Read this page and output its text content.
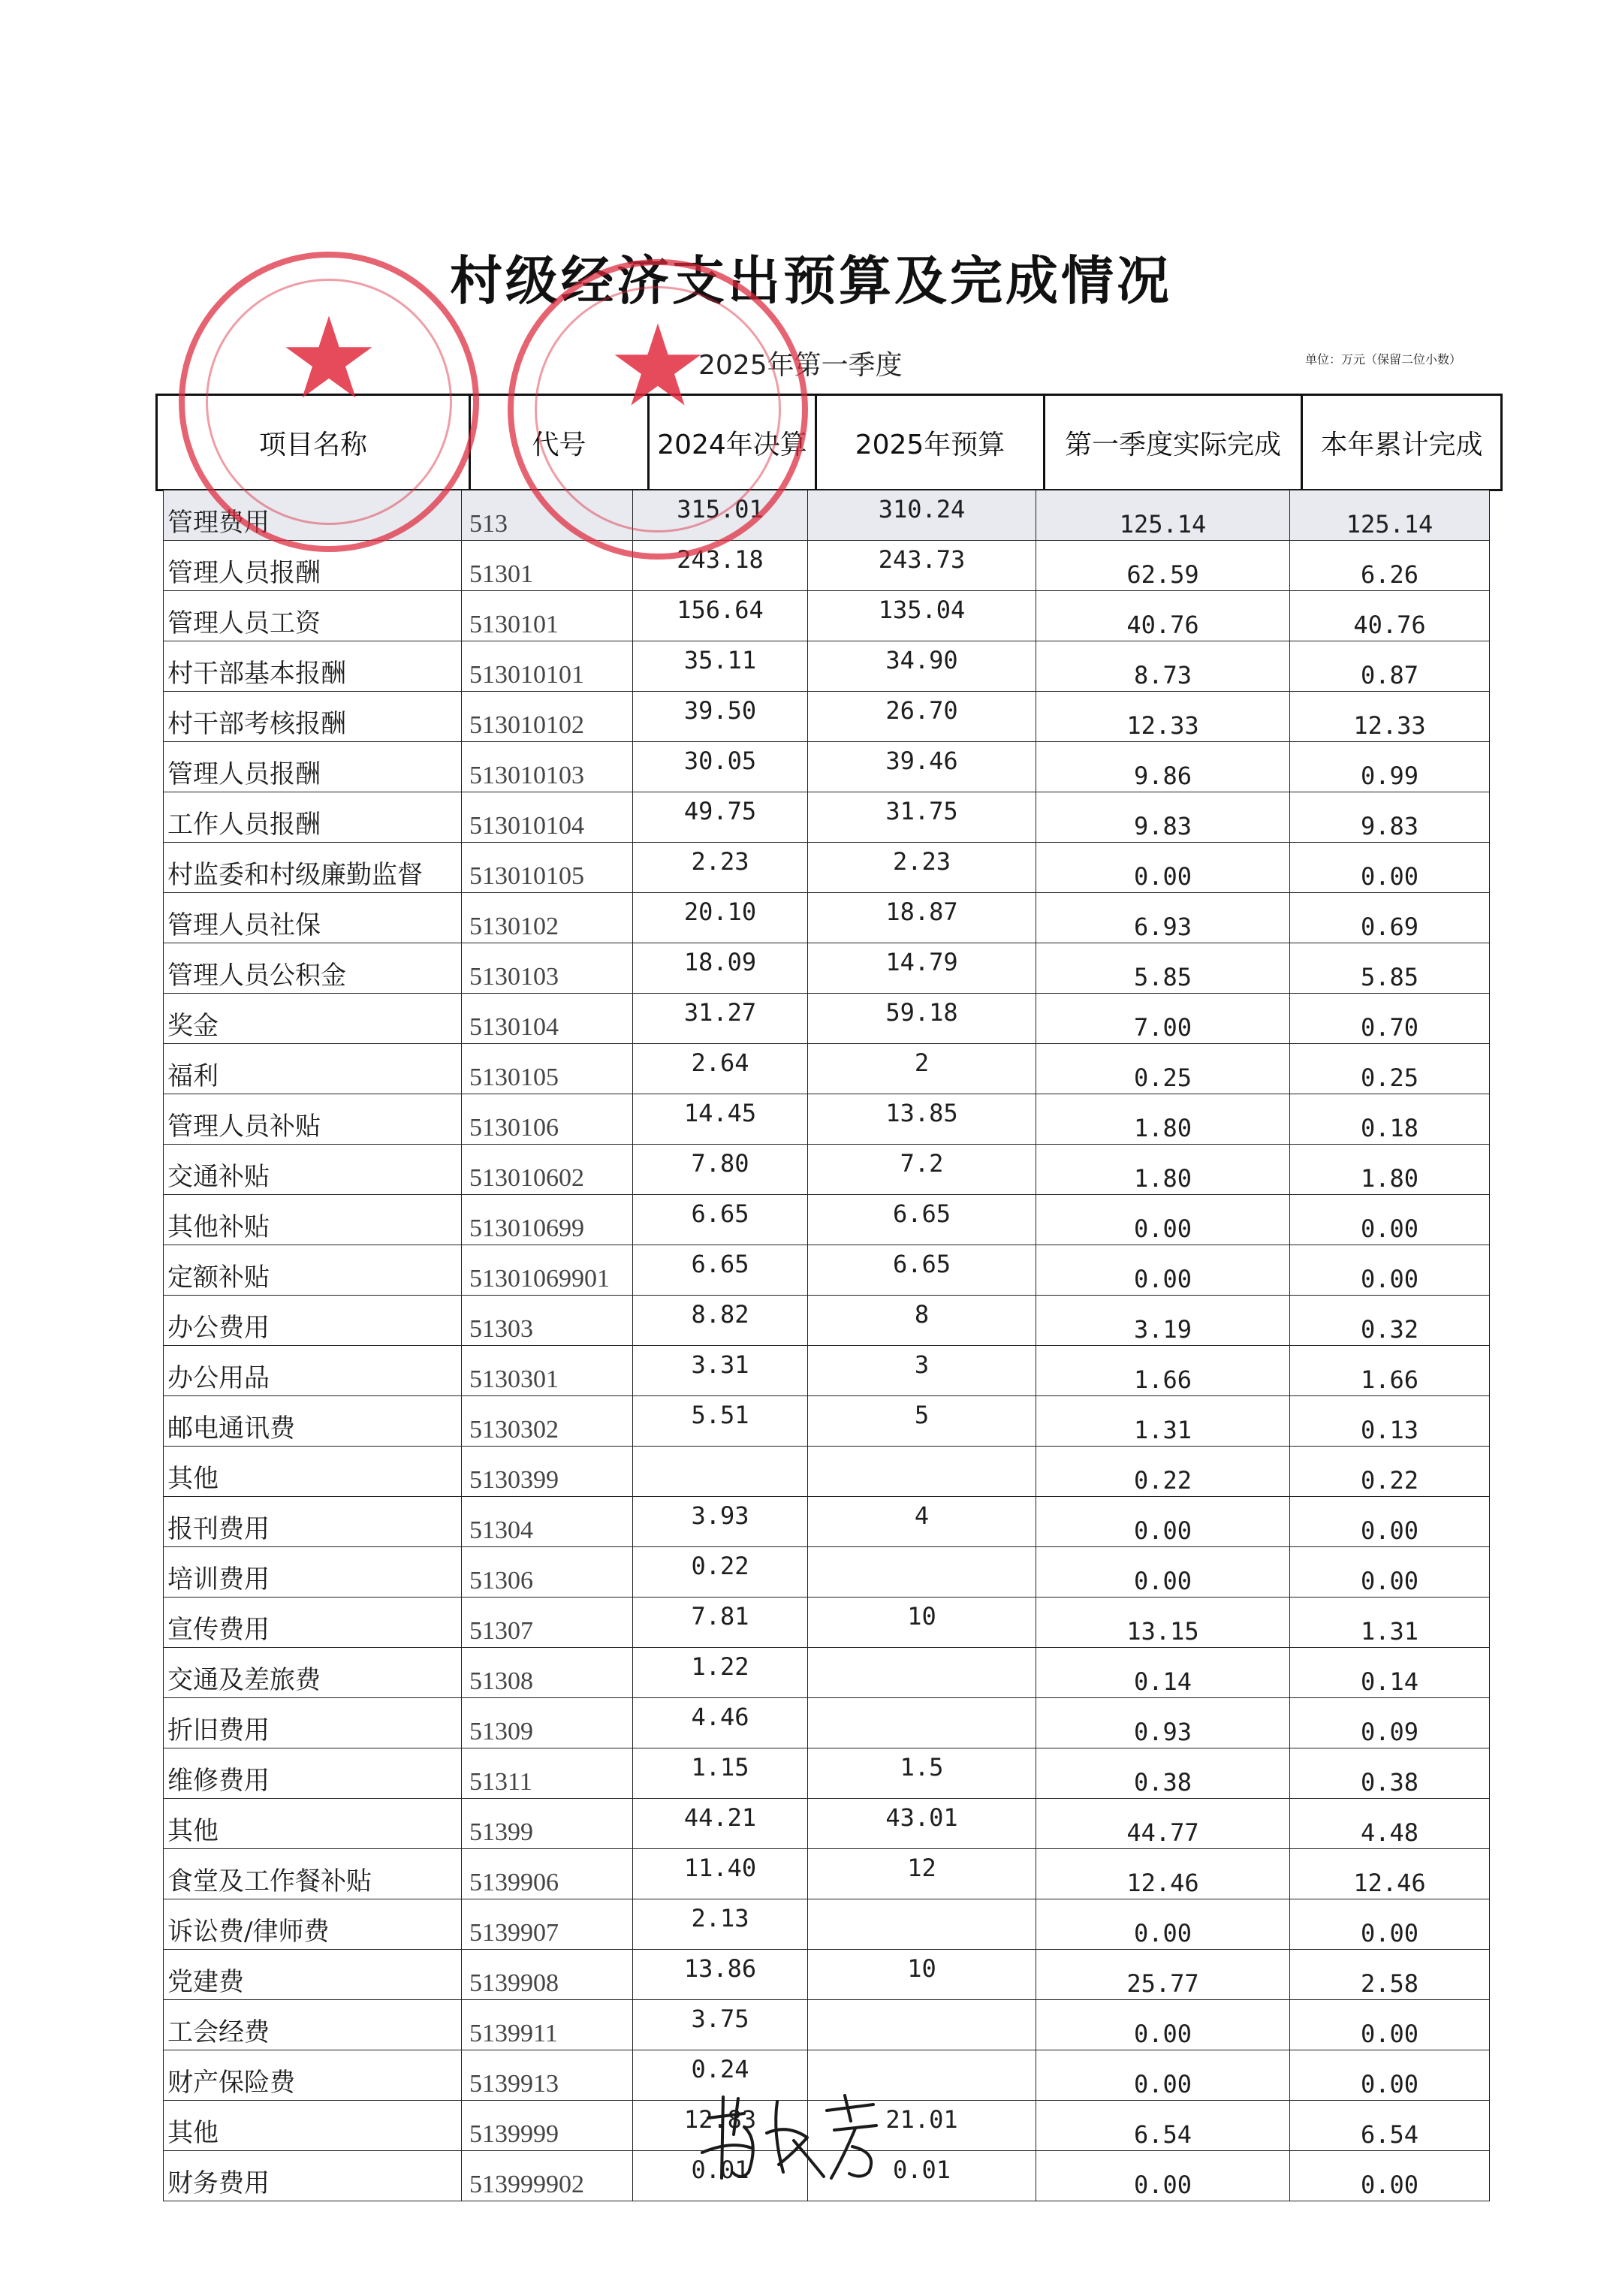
村级经济支出预算及完成情况
2025年第一季度	单位：万元（保留二位小数）
项目名称	代号	2024年决算	2025年预算	第一季度实际完成	本年累计完成
管理费用	513	315.01	310.24	125.14	125.14
管理人员报酬	51301	243.18	243.73	62.59	6.26
管理人员工资	5130101	156.64	135.04	40.76	40.76
村干部基本报酬	513010101	35.11	34.90	8.73	0.87
村干部考核报酬	513010102	39.50	26.70	12.33	12.33
管理人员报酬	513010103	30.05	39.46	9.86	0.99
工作人员报酬	513010104	49.75	31.75	9.83	9.83
村监委和村级廉勤监督	513010105	2.23	2.23	0.00	0.00
管理人员社保	5130102	20.10	18.87	6.93	0.69
管理人员公积金	5130103	18.09	14.79	5.85	5.85
奖金	5130104	31.27	59.18	7.00	0.70
福利	5130105	2.64	2	0.25	0.25
管理人员补贴	5130106	14.45	13.85	1.80	0.18
交通补贴	513010602	7.80	7.2	1.80	1.80
其他补贴	513010699	6.65	6.65	0.00	0.00
定额补贴	51301069901	6.65	6.65	0.00	0.00
办公费用	51303	8.82	8	3.19	0.32
办公用品	5130301	3.31	3	1.66	1.66
邮电通讯费	5130302	5.51	5	1.31	0.13
其他	5130399			0.22	0.22
报刊费用	51304	3.93	4	0.00	0.00
培训费用	51306	0.22		0.00	0.00
宣传费用	51307	7.81	10	13.15	1.31
交通及差旅费	51308	1.22		0.14	0.14
折旧费用	51309	4.46		0.93	0.09
维修费用	51311	1.15	1.5	0.38	0.38
其他	51399	44.21	43.01	44.77	4.48
食堂及工作餐补贴	5139906	11.40	12	12.46	12.46
诉讼费/律师费	5139907	2.13		0.00	0.00
党建费	5139908	13.86	10	25.77	2.58
工会经费	5139911	3.75		0.00	0.00
财产保险费	5139913	0.24		0.00	0.00
其他	5139999	12.83	21.01	6.54	6.54
财务费用	513999902	0.01	0.01	0.00	0.00
★	★
